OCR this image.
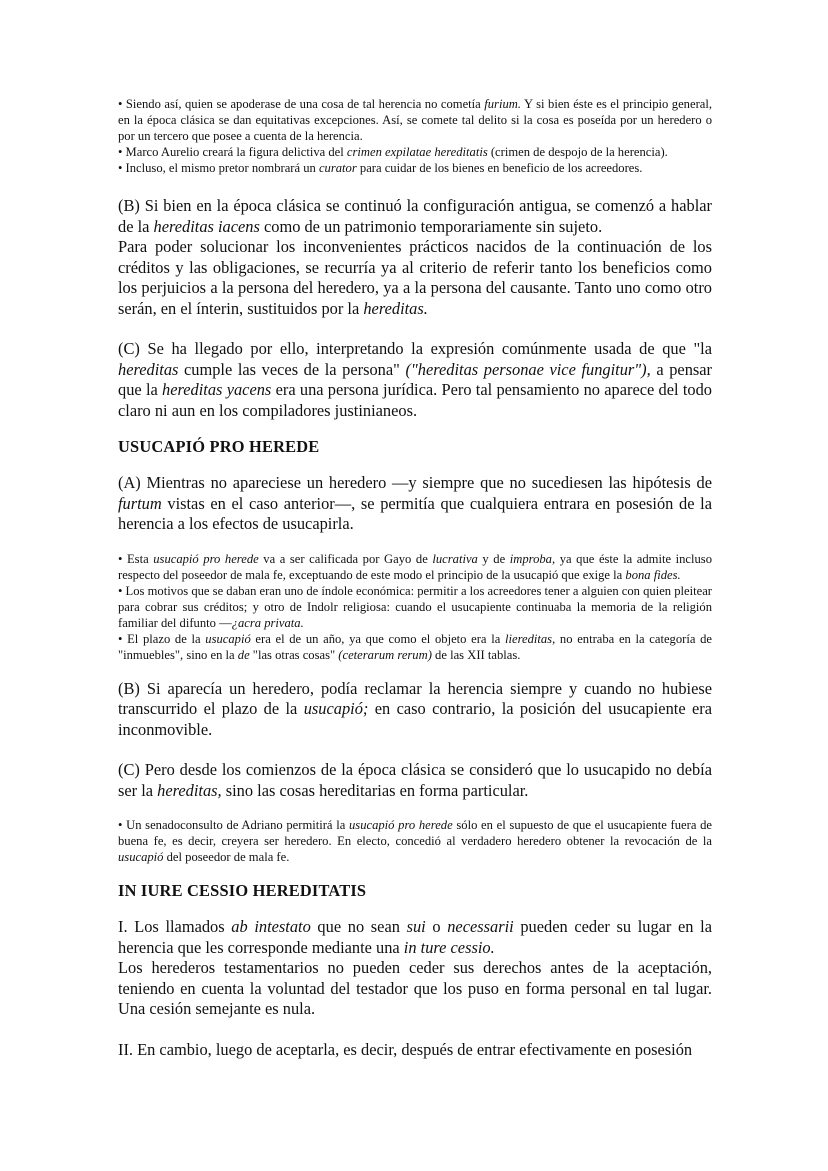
• Siendo así, quien se apoderase de una cosa de tal herencia no cometía furium. Y si bien éste es el principio general, en la época clásica se dan equitativas excepciones. Así, se comete tal delito si la cosa es poseída por un heredero o por un tercero que posee a cuenta de la herencia.

• Marco Aurelio creará la figura delictiva del crimen expilatae hereditatis (crimen de despojo de la herencia).

• Incluso, el mismo pretor nombrará un curator para cuidar de los bienes en beneficio de los acreedores.

(B) Si bien en la época clásica se continuó la configuración antigua, se comenzó a hablar de la hereditas iacens como de un patrimonio temporariamente sin sujeto.

Para poder solucionar los inconvenientes prácticos nacidos de la continuación de los créditos y las obligaciones, se recurría ya al criterio de referir tanto los beneficios como los perjuicios a la persona del heredero, ya a la persona del causante. Tanto uno como otro serán, en el ínterin, sustituidos por la hereditas.

(C) Se ha llegado por ello, interpretando la expresión comúnmente usada de que "la hereditas cumple las veces de la persona" ("hereditas personae vice fungitur"), a pensar que la hereditas yacens era una persona jurídica. Pero tal pensamiento no aparece del todo claro ni aun en los compiladores justinianeos.

USUCAPIÓ PRO HEREDE

(A) Mientras no apareciese un heredero —y siempre que no sucediesen las hipótesis de furtum vistas en el caso anterior—, se permitía que cualquiera entrara en posesión de la herencia a los efectos de usucapirla.

• Esta usucapió pro herede va a ser calificada por Gayo de lucrativa y de improba, ya que éste la admite incluso respecto del poseedor de mala fe, exceptuando de este modo el principio de la usucapió que exige la bona fides.

• Los motivos que se daban eran uno de índole económica: permitir a los acreedores tener a alguien con quien pleitear para cobrar sus créditos; y otro de Indolr religiosa: cuando el usucapiente continuaba la memoria de la religión familiar del difunto —¿acra privata.

• El plazo de la usucapió era el de un año, ya que como el objeto era la liereditas, no entraba en la categoría de "inmuebles", sino en la de "las otras cosas" (ceterarum rerum) de las XII tablas.

(B) Si aparecía un heredero, podía reclamar la herencia siempre y cuando no hubiese transcurrido el plazo de la usucapió; en caso contrario, la posición del usucapiente era inconmovible.

(C) Pero desde los comienzos de la época clásica se consideró que lo usucapido no debía ser la hereditas, sino las cosas hereditarias en forma particular.

• Un senadoconsulto de Adriano permitirá la usucapió pro herede sólo en el supuesto de que el usucapiente fuera de buena fe, es decir, creyera ser heredero. En electo, concedió al verdadero heredero obtener la revocación de la usucapió del poseedor de mala fe.

IN IURE CESSIO HEREDITATIS

I. Los llamados ab intestato que no sean sui o necessarii pueden ceder su lugar en la herencia que les corresponde mediante una in ture cessio.

Los herederos testamentarios no pueden ceder sus derechos antes de la aceptación, teniendo en cuenta la voluntad del testador que los puso en forma personal en tal lugar. Una cesión semejante es nula.

II. En cambio, luego de aceptarla, es decir, después de entrar efectivamente en posesión
